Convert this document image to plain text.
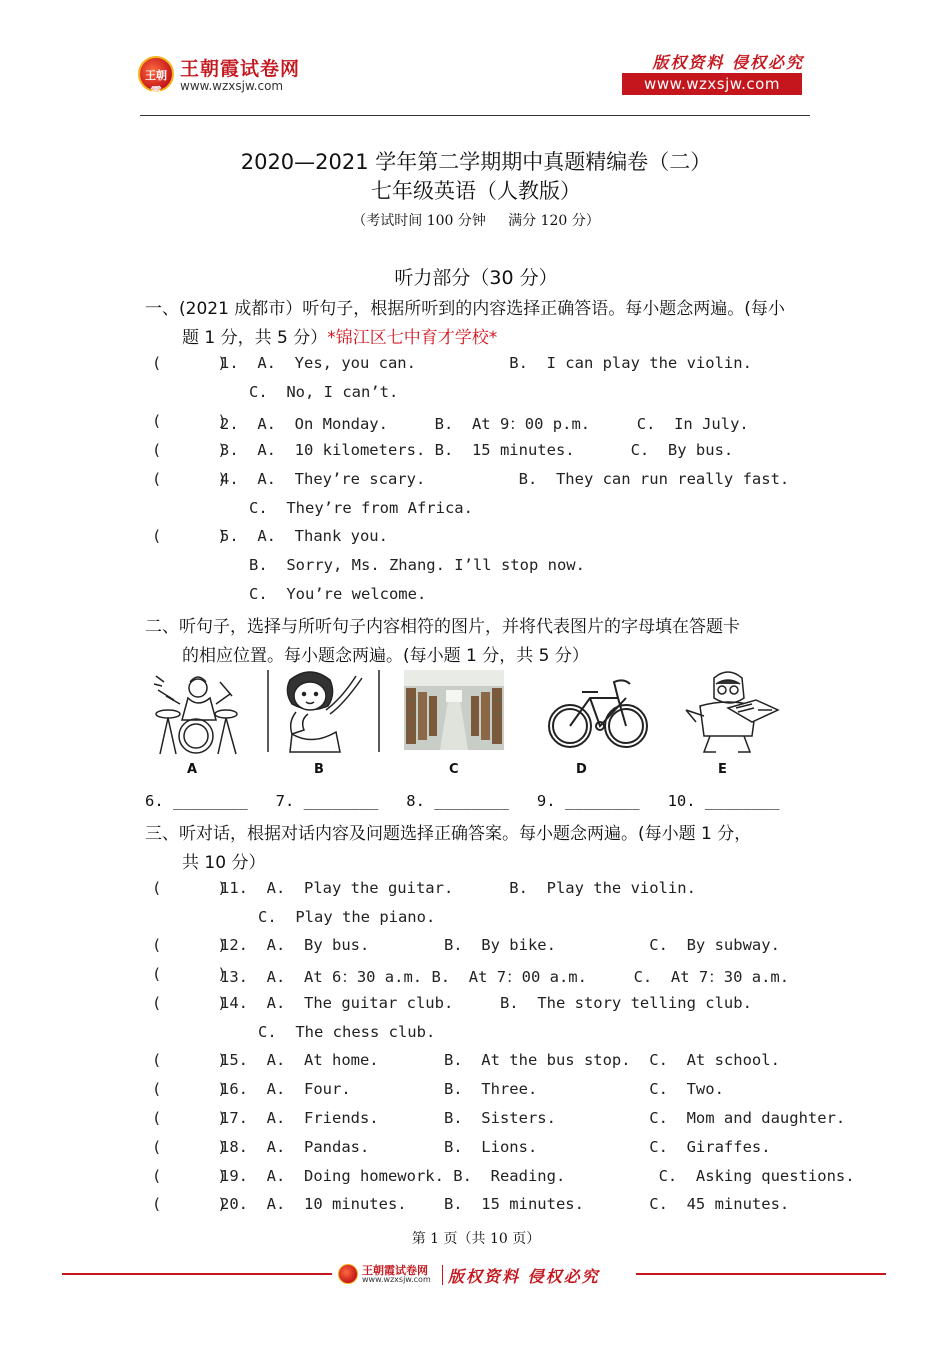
王朝霞
王朝霞试卷网
www.wzxsjw.com
版权资料 侵权必究
www.wzxsjw.com
2020—2021 学年第二学期期中真题精编卷（二）
七年级英语（人教版）
（考试时间 100 分钟     满分 120 分）
听力部分（30 分）
一、(2021 成都市）听句子，根据所听到的内容选择正确答语。每小题念两遍。(每小
题 1 分，共 5 分）*锦江区七中育才学校*
(      )
1.  A.  Yes, you can.          B.  I can play the violin.
C.  No, I can’t.
(      )
2.  A.  On Monday.     B.  At 9：00 p.m.     C.  In July.
(      )
3.  A.  10 kilometers. B.  15 minutes.      C.  By bus.
(      )
4.  A.  They’re scary.          B.  They can run really fast.
C.  They’re from Africa.
(      )
5.  A.  Thank you.
B.  Sorry, Ms. Zhang. I’ll stop now.
C.  You’re welcome.
二、听句子，选择与所听句子内容相符的图片，并将代表图片的字母填在答题卡
的相应位置。每小题念两遍。(每小题 1 分，共 5 分）
A	B	C	D	E
6. ________   7. ________   8. ________   9. ________   10. ________
三、听对话，根据对话内容及问题选择正确答案。每小题念两遍。(每小题 1 分，
共 10 分）
(      )
11.  A.  Play the guitar.      B.  Play the violin.
C.  Play the piano.
(      )
12.  A.  By bus.        B.  By bike.          C.  By subway.
(      )
13.  A.  At 6：30 a.m. B.  At 7：00 a.m.     C.  At 7：30 a.m.
(      )
14.  A.  The guitar club.     B.  The story telling club.
C.  The chess club.
(      )
15.  A.  At home.       B.  At the bus stop.  C.  At school.
(      )
16.  A.  Four.          B.  Three.            C.  Two.
(      )
17.  A.  Friends.       B.  Sisters.          C.  Mom and daughter.
(      )
18.  A.  Pandas.        B.  Lions.            C.  Giraffes.
(      )
19.  A.  Doing homework. B.  Reading.          C.  Asking questions.
(      )
20.  A.  10 minutes.    B.  15 minutes.       C.  45 minutes.
第 1 页（共 10 页）
王朝霞试卷网
www.wzxsjw.com 版权资料 侵权必究
